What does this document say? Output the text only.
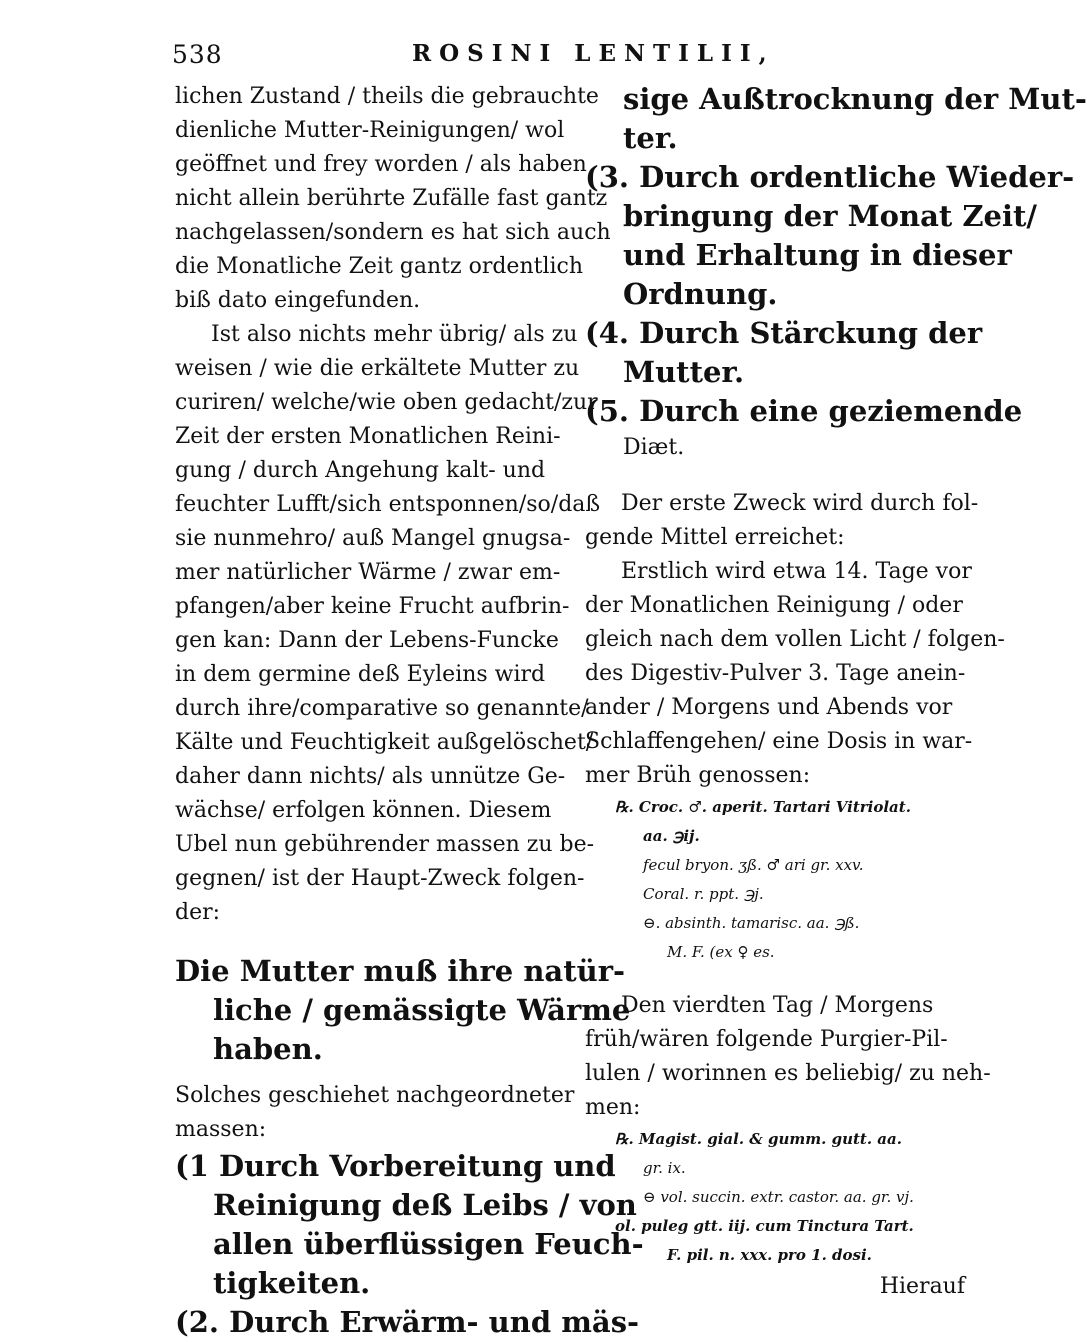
538	ROSINI LENTILII,
lichen Zustand / theils die gebrauchte
dienliche Mutter-Reinigungen/ wol
geöffnet und frey worden / als haben
nicht allein berührte Zufälle fast gantz
nachgelassen/sondern es hat sich auch
die Monatliche Zeit gantz ordentlich
biß dato eingefunden.
Ist also nichts mehr übrig/ als zu
weisen / wie die erkältete Mutter zu
curiren/ welche/wie oben gedacht/zur
Zeit der ersten Monatlichen Reini-
gung / durch Angehung kalt- und
feuchter Lufft/sich entsponnen/so/daß
sie nunmehro/ auß Mangel gnugsa-
mer natürlicher Wärme / zwar em-
pfangen/aber keine Frucht aufbrin-
gen kan: Dann der Lebens-Funcke
in dem germine deß Eyleins wird
durch ihre/comparative so genannte/
Kälte und Feuchtigkeit außgelöschet/
daher dann nichts/ als unnütze Ge-
wächse/ erfolgen können. Diesem
Ubel nun gebührender massen zu be-
gegnen/ ist der Haupt-Zweck folgen-
der:
Die Mutter muß ihre natür-
liche / gemässigte Wärme
haben.
Solches geschiehet nachgeordneter
massen:
(1 Durch Vorbereitung und
Reinigung deß Leibs / von
allen überflüssigen Feuch-
tigkeiten.
(2. Durch Erwärm- und mäs-
sige Außtrocknung der Mut-
ter.
(3. Durch ordentliche Wieder-
bringung der Monat Zeit/
und Erhaltung in dieser
Ordnung.
(4. Durch Stärckung der
Mutter.
(5. Durch eine geziemende
Diæt.
Der erste Zweck wird durch fol-
gende Mittel erreichet:
Erstlich wird etwa 14. Tage vor
der Monatlichen Reinigung / oder
gleich nach dem vollen Licht / folgen-
des Digestiv-Pulver 3. Tage anein-
ander / Morgens und Abends vor
Schlaffengehen/ eine Dosis in war-
mer Brüh genossen:
℞. Croc. ♂. aperit. Tartari Vitriolat.
aa. ℈ij.
fecul bryon. ʒß. ♂ ari gr. xxv.
Coral. r. ppt. ℈j.
⊖. absinth. tamarisc. aa. ℈ß.
M. F. (ex ♀ es.
Den vierdten Tag / Morgens
früh/wären folgende Purgier-Pil-
lulen / worinnen es beliebig/ zu neh-
men:
℞. Magist. gial. & gumm. gutt. aa.
gr. ix.
⊖ vol. succin. extr. castor. aa. gr. vj.
ol. puleg gtt. iij. cum Tinctura Tart.
F. pil. n. xxx. pro 1. dosi.
Hierauf
